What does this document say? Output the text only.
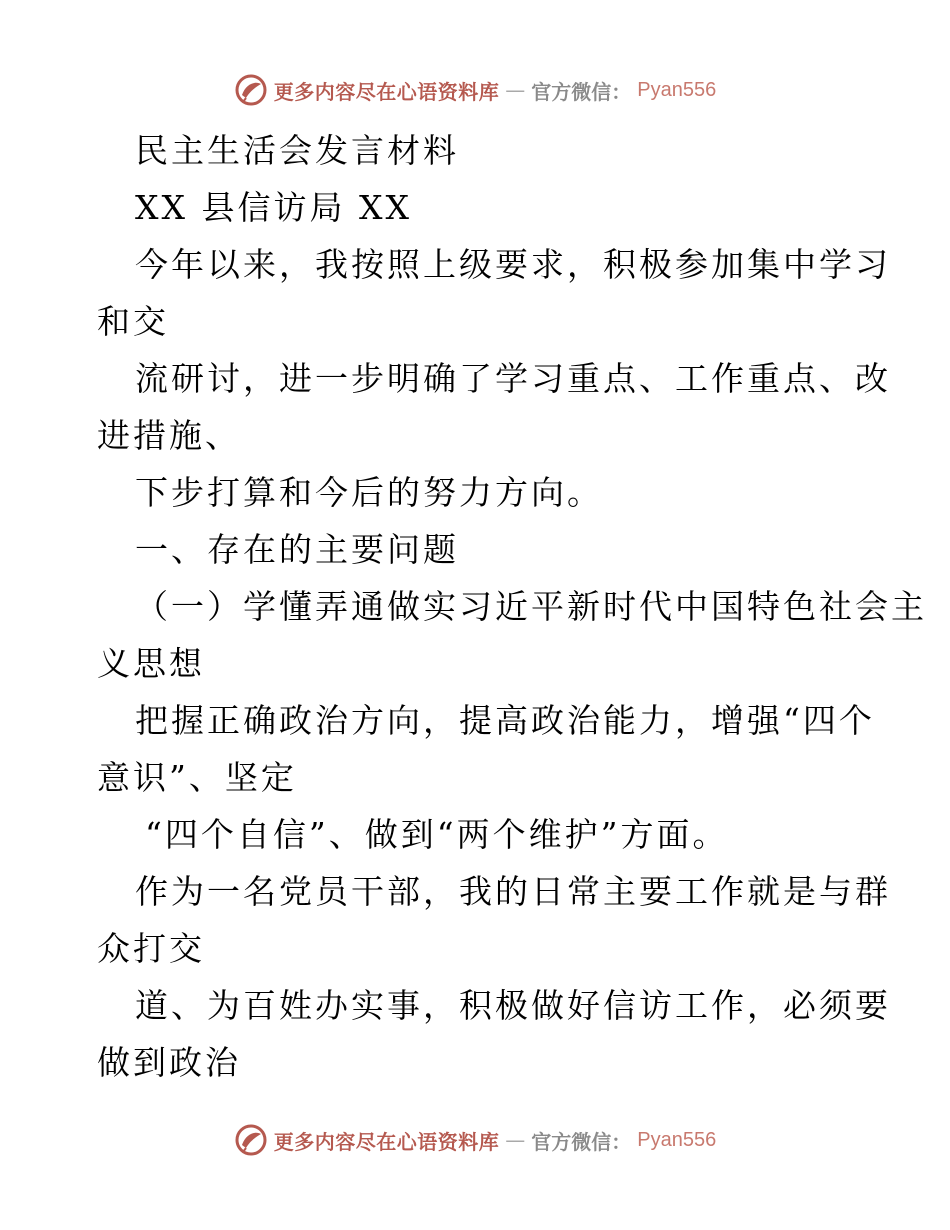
更多内容尽在心语资料库 — 官方微信： Pyan556
民主生活会发言材料
XX 县信访局 XX
今年以来，我按照上级要求，积极参加集中学习
和交
流研讨，进一步明确了学习重点、工作重点、改
进措施、
下步打算和今后的努力方向。
一、存在的主要问题
（一）学懂弄通做实习近平新时代中国特色社会主
义思想
把握正确政治方向，提高政治能力，增强“四个
意识”、坚定
“四个自信”、做到“两个维护”方面。
作为一名党员干部，我的日常主要工作就是与群
众打交
道、为百姓办实事，积极做好信访工作，必须要
做到政治
更多内容尽在心语资料库 — 官方微信： Pyan556
